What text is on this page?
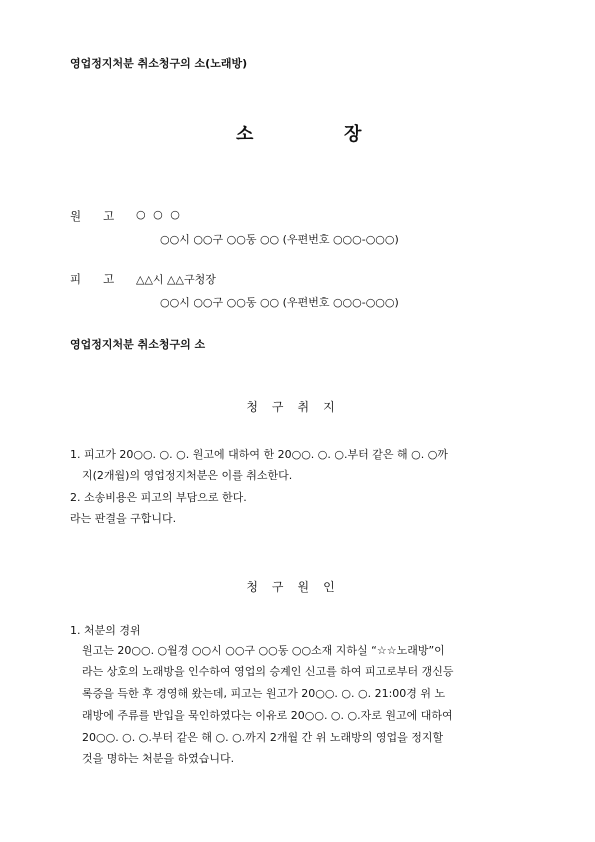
영업정지처분 취소청구의 소(노래방)
소	장
원 고 ○ ○ ○
○○시 ○○구 ○○동 ○○ (우편번호 ○○○-○○○)
피 고 △△시 △△구청장
○○시 ○○구 ○○동 ○○ (우편번호 ○○○-○○○)
영업정지처분 취소청구의 소
청구취지
1. 피고가 20○○. ○. ○. 원고에 대하여 한 20○○. ○. ○.부터 같은 해 ○. ○까
지(2개월)의 영업정지처분은 이를 취소한다.
2. 소송비용은 피고의 부담으로 한다.
라는 판결을 구합니다.
청구원인
1. 처분의 경위
원고는 20○○. ○월경 ○○시 ○○구 ○○동 ○○소재 지하실 “☆☆노래방”이
라는 상호의 노래방을 인수하여 영업의 승계인 신고를 하여 피고로부터 갱신등
록증을 득한 후 경영해 왔는데, 피고는 원고가 20○○. ○. ○. 21:00경 위 노
래방에 주류를 반입을 묵인하였다는 이유로 20○○. ○. ○.자로 원고에 대하여
20○○. ○. ○.부터 같은 해 ○. ○.까지 2개월 간 위 노래방의 영업을 정지할
것을 명하는 처분을 하였습니다.
